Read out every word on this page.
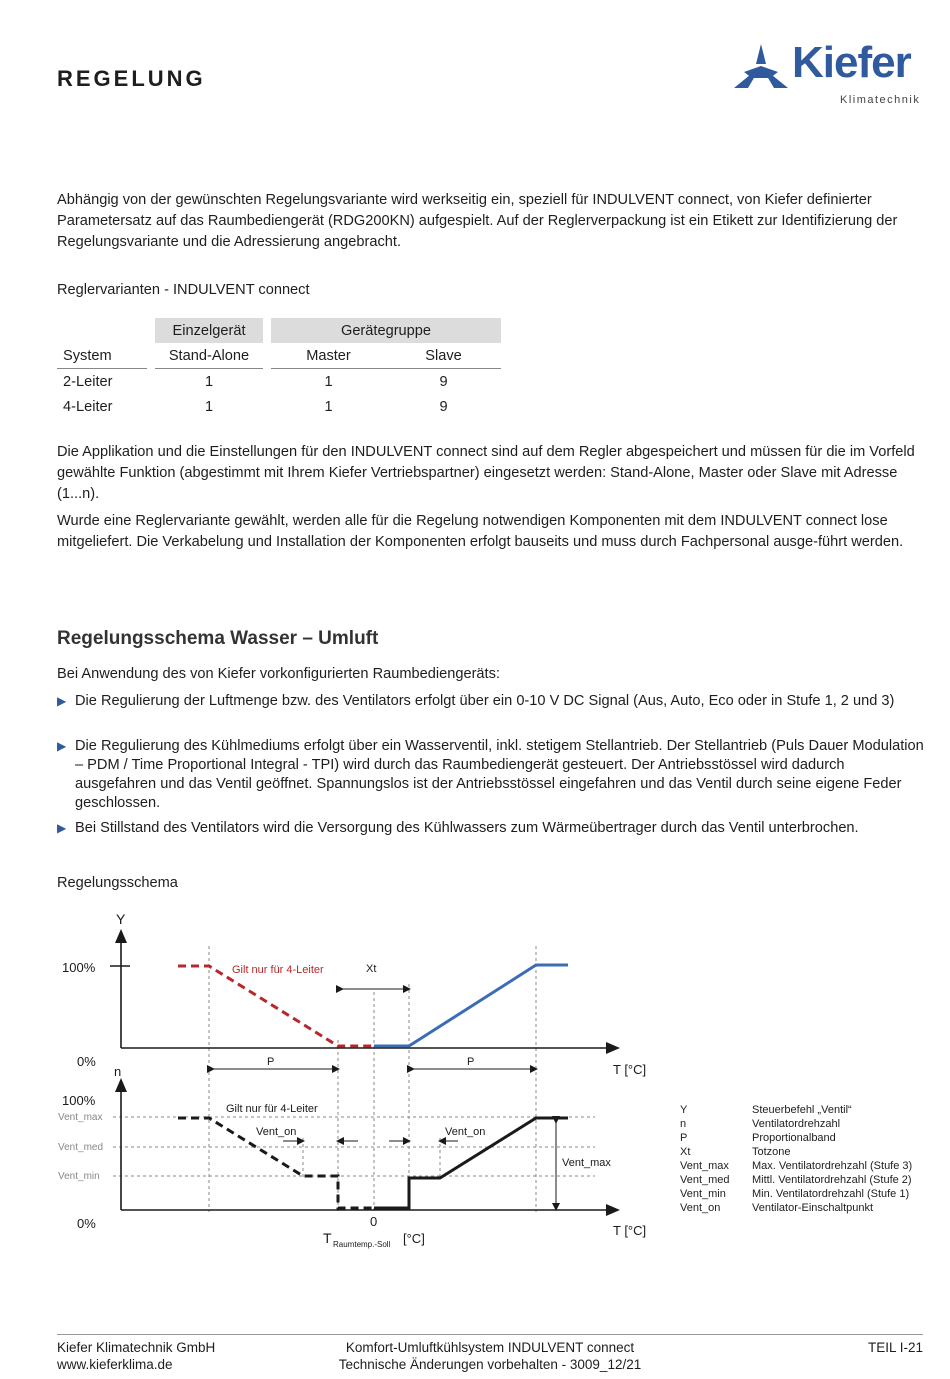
REGELUNG	Kiefer
Klimatechnik
Abhängig von der gewünschten Regelungsvariante wird werkseitig ein, speziell für INDULVENT connect, von Kiefer definierter Parametersatz auf das Raumbediengerät (RDG200KN) aufgespielt. Auf der Reglerverpackung ist ein Etikett zur Identifizierung der Regelungsvariante und die Adressierung angebracht.
Reglervarianten - INDULVENT connect
		Einzelgerät		Gerätegruppe	
System		Stand-Alone		Master	Slave
2-Leiter		1		1	9
4-Leiter		1		1	9
Die Applikation und die Einstellungen für den INDULVENT connect sind auf dem Regler abgespeichert und müssen für die im Vorfeld gewählte Funktion (abgestimmt mit Ihrem Kiefer Vertriebspartner) eingesetzt werden: Stand-Alone, Master oder Slave mit Adresse (1...n).
Wurde eine Reglervariante gewählt, werden alle für die Regelung notwendigen Komponenten mit dem INDULVENT connect lose mitgeliefert. Die Verkabelung und Installation der Komponenten erfolgt bauseits und muss durch Fachpersonal ausge-führt werden.
Regelungsschema Wasser – Umluft
Bei Anwendung des von Kiefer vorkonfigurierten Raumbediengeräts:
▶ Die Regulierung der Luftmenge bzw. des Ventilators erfolgt über ein 0-10 V DC Signal (Aus, Auto, Eco oder in Stufe 1, 2 und 3)
▶ Die Regulierung des Kühlmediums erfolgt über ein Wasserventil, inkl. stetigem Stellantrieb. Der Stellantrieb (Puls Dauer Modulation – PDM / Time Proportional Integral - TPI) wird durch das Raumbediengerät gesteuert. Der Antriebsstössel wird dadurch ausgefahren und das Ventil geöffnet. Spannungslos ist der Antriebsstössel eingefahren und das Ventil durch seine eigene Feder geschlossen.
▶ Bei Stillstand des Ventilators wird die Versorgung des Kühlwassers zum Wärmeübertrager durch das Ventil unterbrochen.
Regelungsschema
Y
100%
0%
n
100%
0%
Gilt nur für 4-Leiter	Xt
P	P	T [°C]
T [°C]
Gilt nur für 4-Leiter
Vent_max
Vent_med
Vent_min
Vent_on	Vent_on
Vent_max
0
T Raumtemp.-Soll [°C]
Y	Steuerbefehl „Ventil“
n	Ventilatordrehzahl
P	Proportionalband
Xt	Totzone
Vent_max Max. Ventilatordrehzahl (Stufe 3)
Vent_med Mittl. Ventilatordrehzahl (Stufe 2)
Vent_min Min. Ventilatordrehzahl (Stufe 1)
Vent_on	Ventilator-Einschaltpunkt
Kiefer Klimatechnik GmbH
www.kieferklima.de
Komfort-Umluftkühlsystem INDULVENT connect
Technische Änderungen vorbehalten - 3009_12/21
TEIL I-21
